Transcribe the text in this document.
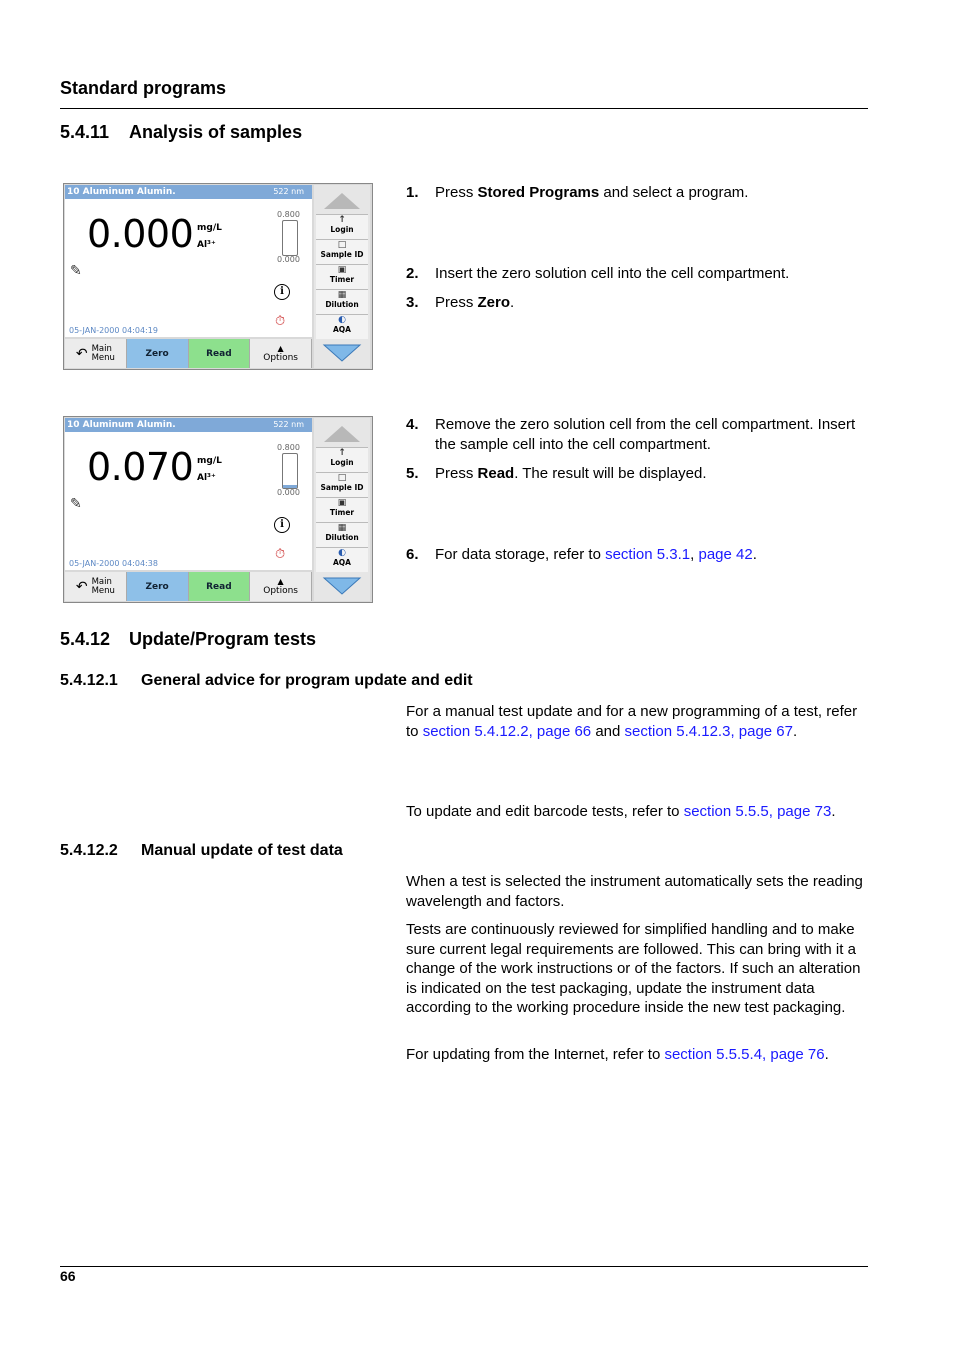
Standard programs
5.4.11 Analysis of samples
10 Aluminum Alumin.	522 nm
0.000 mg/L
Al³⁺
0.800
0.000
✎
i
⏱
05-JAN-2000 04:04:19
↶ Main
Menu	Zero	Read
▲
Options
↑
Login
□
Sample ID
▣
Timer
▦
Dilution
◐
AQA
1. Press Stored Programs and select a program.
2. Insert the zero solution cell into the cell compartment.
3. Press Zero.
10 Aluminum Alumin.	522 nm
0.070 mg/L
Al³⁺
0.800
0.000
✎
i
⏱
05-JAN-2000 04:04:38
↶ Main
Menu	Zero	Read
▲
Options
↑
Login
□
Sample ID
▣
Timer
▦
Dilution
◐
AQA
4. Remove the zero solution cell from the cell compartment. Insert the sample cell into the cell compartment.
5. Press Read. The result will be displayed.
6. For data storage, refer to section 5.3.1, page 42.
5.4.12 Update/Program tests
5.4.12.1 General advice for program update and edit
For a manual test update and for a new programming of a test, refer to section 5.4.12.2, page 66 and section 5.4.12.3, page 67.
To update and edit barcode tests, refer to section 5.5.5, page 73.
5.4.12.2 Manual update of test data
When a test is selected the instrument automatically sets the reading wavelength and factors.
Tests are continuously reviewed for simplified handling and to make sure current legal requirements are followed. This can bring with it a change of the work instructions or of the factors. If such an alteration is indicated on the test packaging, update the instrument data according to the working procedure inside the new test packaging.
For updating from the Internet, refer to section 5.5.5.4, page 76.
66
